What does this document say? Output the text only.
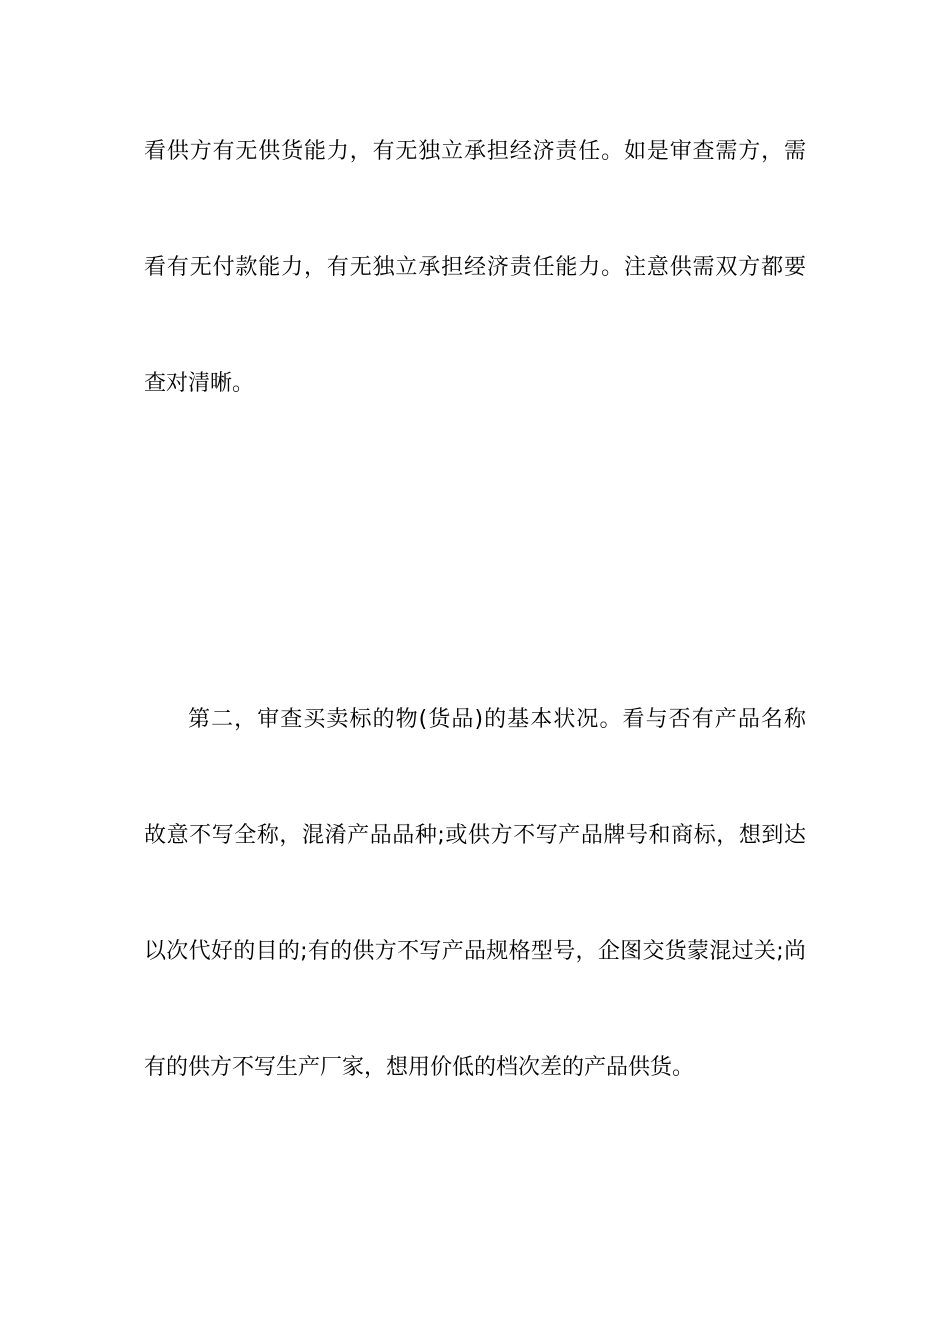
看供方有无供货能力，有无独立承担经济责任。如是审查需方，需
看有无付款能力，有无独立承担经济责任能力。注意供需双方都要
查对清晰。
第二，审查买卖标的物(货品)的基本状况。看与否有产品名称
故意不写全称，混淆产品品种;或供方不写产品牌号和商标，想到达
以次代好的目的;有的供方不写产品规格型号，企图交货蒙混过关;尚
有的供方不写生产厂家，想用价低的档次差的产品供货。
